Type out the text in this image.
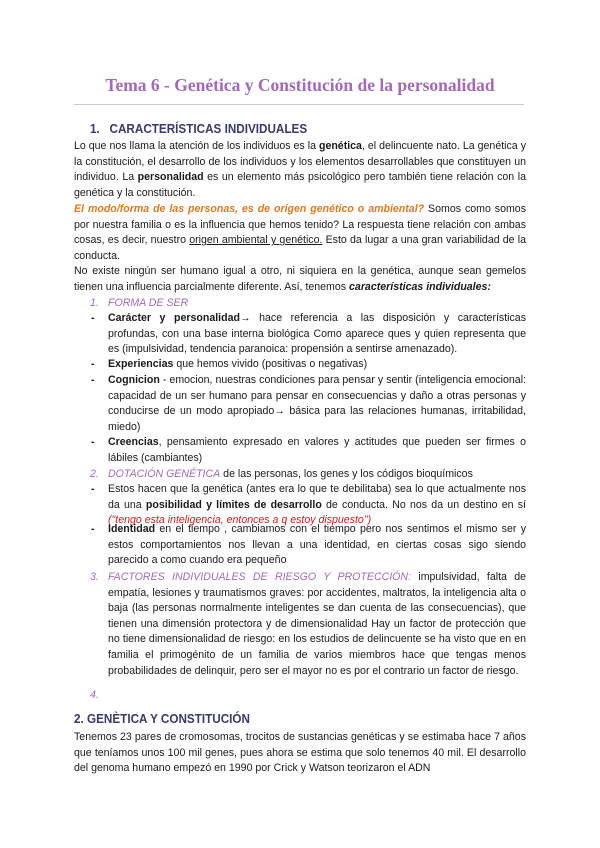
Tema 6 - Genética y Constitución de la personalidad
1. CARACTERÍSTICAS INDIVIDUALES
Lo que nos llama la atención de los individuos es la genética, el delincuente nato. La genética y la constitución, el desarrollo de los individuos y los elementos desarrollables que constituyen un individuo. La personalidad es un elemento más psicológico pero también tiene relación con la genética y la constitución.
El modo/forma de las personas, es de origen genético o ambiental? Somos como somos por nuestra familia o es la influencia que hemos tenido? La respuesta tiene relación con ambas cosas, es decir, nuestro origen ambiental y genético. Esto da lugar a una gran variabilidad de la conducta.
No existe ningún ser humano igual a otro, ni siquiera en la genética, aunque sean gemelos tienen una influencia parcialmente diferente. Así, tenemos características individuales:
1. FORMA DE SER
- Carácter y personalidad→ hace referencia a las disposición y características profundas, con una base interna biológica Como aparece ques y quien representa que es (impulsividad, tendencia paranoica: propensión a sentirse amenazado).
- Experiencias que hemos vivido (positivas o negativas)
- Cognicion - emocion, nuestras condiciones para pensar y sentir (inteligencia emocional: capacidad de un ser humano para pensar en consecuencias y daño a otras personas y conducirse de un modo apropiado→ básica para las relaciones humanas, irritabilidad, miedo)
- Creencias, pensamiento expresado en valores y actitudes que pueden ser firmes o lábiles (cambiantes)
2. DOTACIÓN GENÉTICA de las personas, los genes y los códigos bioquímicos
- Estos hacen que la genética (antes era lo que te debilitaba) sea lo que actualmente nos da una posibilidad y límites de desarrollo de conducta. No nos da un destino en sí ("tengo esta inteligencia, entonces a q estoy dispuesto")
- Identidad en el tiempo , cambiamos con el tiempo pero nos sentimos el mismo ser y estos comportamientos nos llevan a una identidad, en ciertas cosas sigo siendo parecido a como cuando era pequeño
3. FACTORES INDIVIDUALES DE RIESGO Y PROTECCIÓN: impulsividad, falta de empatía, lesiones y traumatismos graves: por accidentes, maltratos, la inteligencia alta o baja (las personas normalmente inteligentes se dan cuenta de las consecuencias), que tienen una dimensión protectora y de dimensionalidad Hay un factor de protección que no tiene dimensionalidad de riesgo: en los estudios de delincuente se ha visto que en en familia el primogénito de un familia de varios miembros hace que tengas menos probabilidades de delinquir, pero ser el mayor no es por el contrario un factor de riesgo.
4.
2. GENÈTICA Y CONSTITUCIÓN
Tenemos 23 pares de cromosomas, trocitos de sustancias genéticas y se estimaba hace 7 años que teníamos unos 100 mil genes, pues ahora se estima que solo tenemos 40 mil. El desarrollo del genoma humano empezó en 1990 por Crick y Watson teorizaron el ADN
